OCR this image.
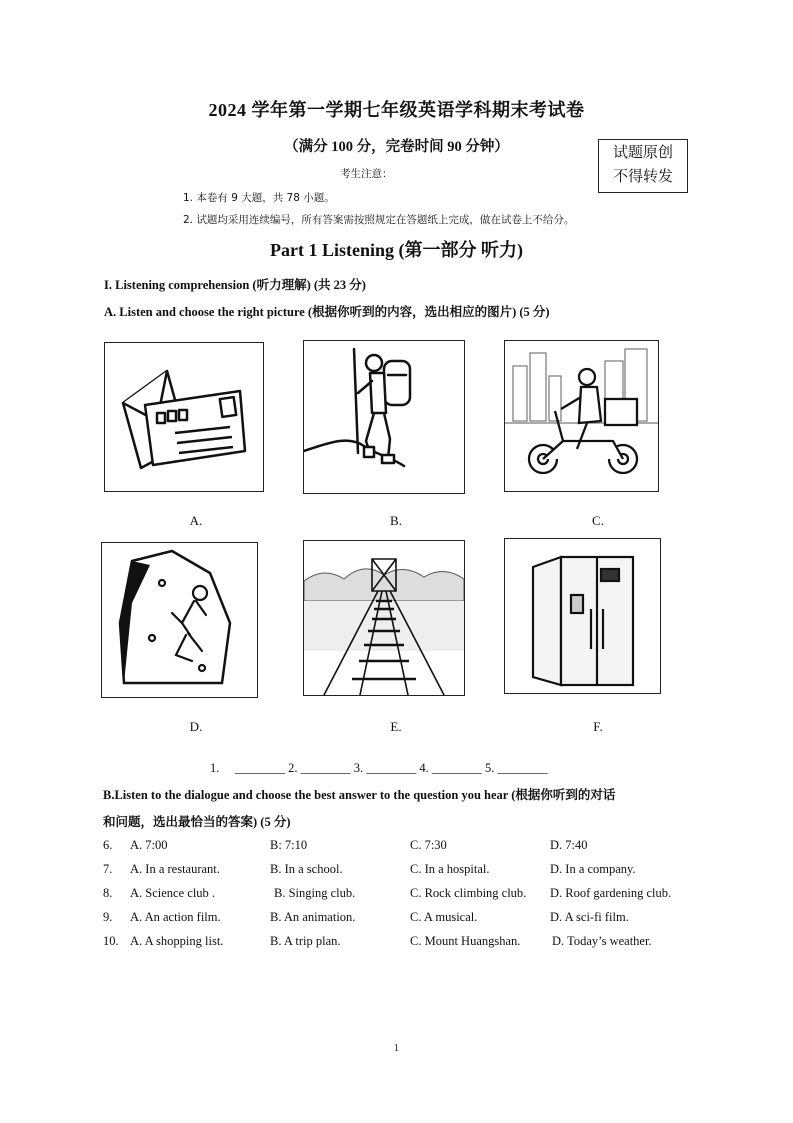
2024 学年第一学期七年级英语学科期末考试卷
（满分 100 分，完卷时间 90 分钟）	试题原创
不得转发
考生注意：
1. 本卷有 9 大题，共 78 小题。
2. 试题均采用连续编号，所有答案需按照规定在答题纸上完成，做在试卷上不给分。
Part 1 Listening (第一部分 听力)
I. Listening comprehension (听力理解) (共 23 分)
A. Listen and choose the right picture (根据你听到的内容，选出相应的图片) (5 分)
A.	B.	C.
D.	E.	F.
1.     ________ 2. ________ 3. ________ 4. ________ 5. ________
B.Listen to the dialogue and choose the best answer to the question you hear (根据你听到的对话
和问题，选出最恰当的答案) (5 分)
6. A. 7:00	B: 7:10	C. 7:30	D. 7:40
7. A. In a restaurant.	B. In a school.	C. In a hospital.	D. In a company.
8. A. Science club .	B. Singing club.	C. Rock climbing club. D. Roof gardening club.
9. A. An action film.	B. An animation.	C. A musical.	D. A sci-fi film.
10. A. A shopping list.	B. A trip plan.	C. Mount Huangshan.	D. Today’s weather.
1
